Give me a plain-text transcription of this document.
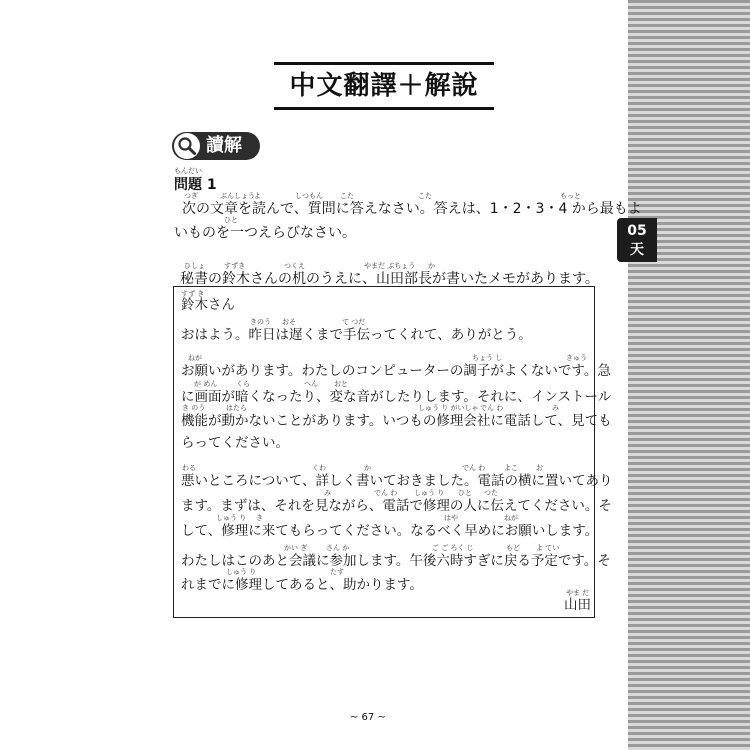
05
天
中文翻譯＋解說
讀解
もんだい
問題 1
つぎ	ぶんしょう よ	しつもん こた	こた	もっと
次の文章を読んで、質問に答えなさい。答えは、1・2・3・4 から最もよ
ひと
いものを一つえらびなさい。
ひしょ	すずき	つくえ	やまだ ぶちょう か
秘書の鈴木さんの机のうえに、山田部長が書いたメモがあります。
すず き
鈴木さん
きのう おそ	て つだ
おはよう。昨日は遅くまで手伝ってくれて、ありがとう。
ねが	ちょう し	きゅう
お願いがあります。わたしのコンピューターの調子がよくないです。急
が めん	くら	へん おと
に画面が暗くなったり、変な音がしたりします。それに、インストール
き のう	はたら	しゅう り がいしゃ でん わ	み
機能が動かないことがあります。いつもの修理会社に電話して、見ても
らってください。
わる	くわ	か	でん わ	よこ	お
悪いところについて、詳しく書いておきました。電話の横に置いてあり
み	でん わ しゅう り ひと つた
ます。まずは、それを見ながら、電話で修理の人に伝えてください。そ
しゅう り き	はや	ねが
して、修理に来てもらってください。なるべく早めにお願いします。
かい ぎ	さん か	ご ご ろく じ	もど よ てい
わたしはこのあと会議に参加します。午後六時すぎに戻る予定です。そ
しゅう り	たす
れまでに修理してあると、助かります。	やま だ
山田
~ 67 ~
